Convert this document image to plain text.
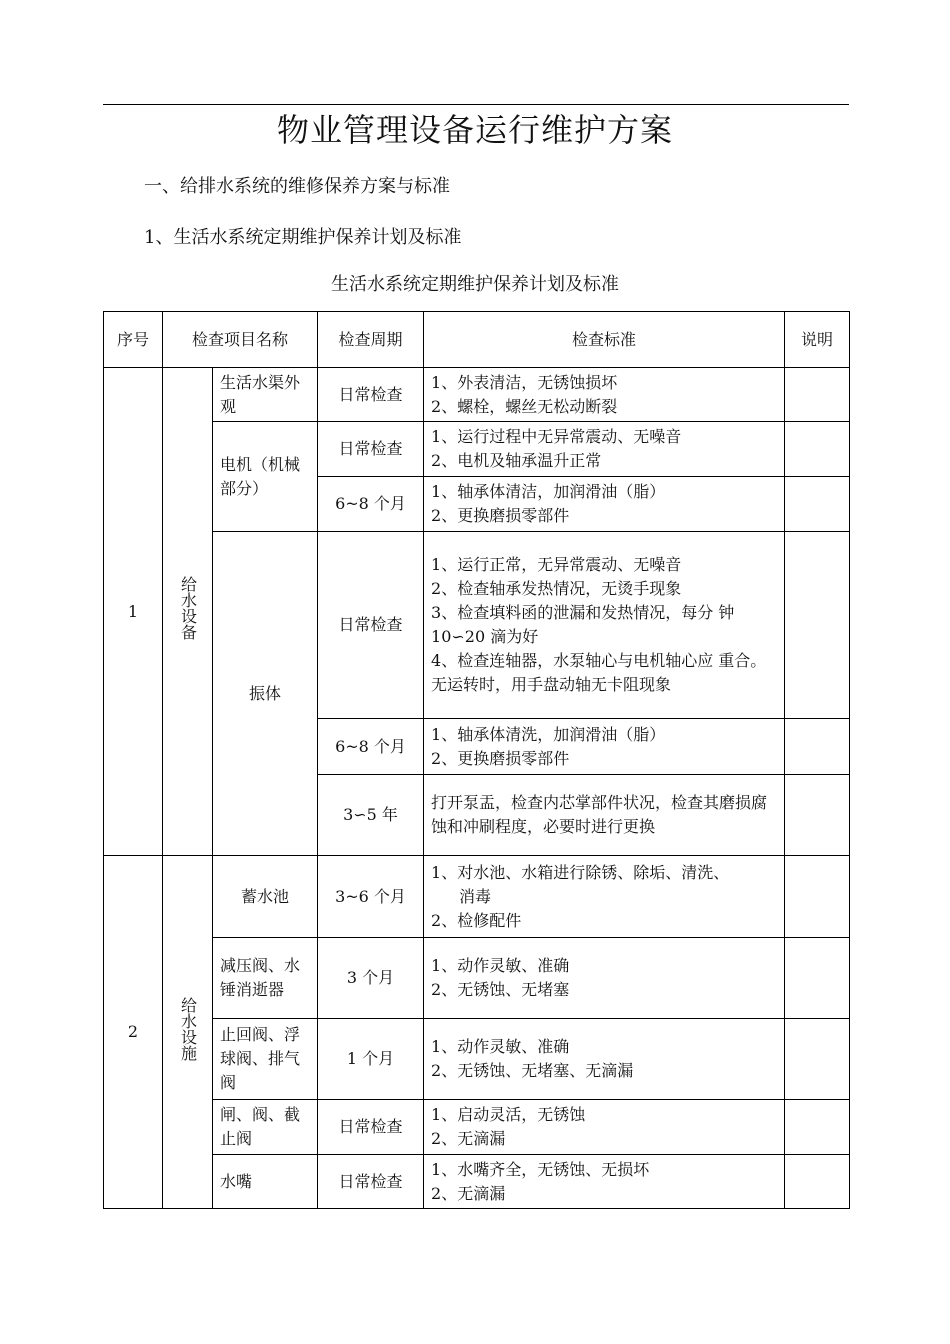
物业管理设备运行维护方案
一、给排水系统的维修保养方案与标准
1、生活水系统定期维护保养计划及标准
生活水系统定期维护保养计划及标准
序号	检查项目名称		检查周期	检查标准	说明
1	给水设备	生活水渠外观	日常检查	1、外表清洁，无锈蚀损坏
2、螺栓，螺丝无松动断裂	

		电机（机械部分）	日常检查	1、运行过程中无异常震动、无噪音
2、电机及轴承温升正常	

			6~8 个月	1、轴承体清洁，加润滑油（脂）
2、更换磨损零部件	

		振体	日常检查	1、运行正常，无异常震动、无噪音
2、检查轴承发热情况，无烫手现象
3、检查填料函的泄漏和发热情况，每分 钟10∽20 滴为好
4、检查连轴器，水泵轴心与电机轴心应 重合。无运转时，用手盘动轴无卡阻现象	

			6~8 个月	1、轴承体清洗，加润滑油（脂）
2、更换磨损零部件	

			3∽5 年	打开泵盂，检查内芯掌部件状况，检查其磨损腐蚀和冲刷程度，必要时进行更换	

2	给水设施	蓄水池	3~6 个月	1、对水池、水箱进行除锈、除垢、清洗、
消毒
2、检修配件	

		减压阀、水锤消逝器	3 个月	1、动作灵敏、准确
2、无锈蚀、无堵塞	

		止回阀、浮球阀、排气阀	1 个月	1、动作灵敏、准确
2、无锈蚀、无堵塞、无滴漏	

		闸、阀、截止阀	日常检查	1、启动灵活，无锈蚀
2、无滴漏	

		水嘴	日常检查	1、水嘴齐全，无锈蚀、无损坏
2、无滴漏	
